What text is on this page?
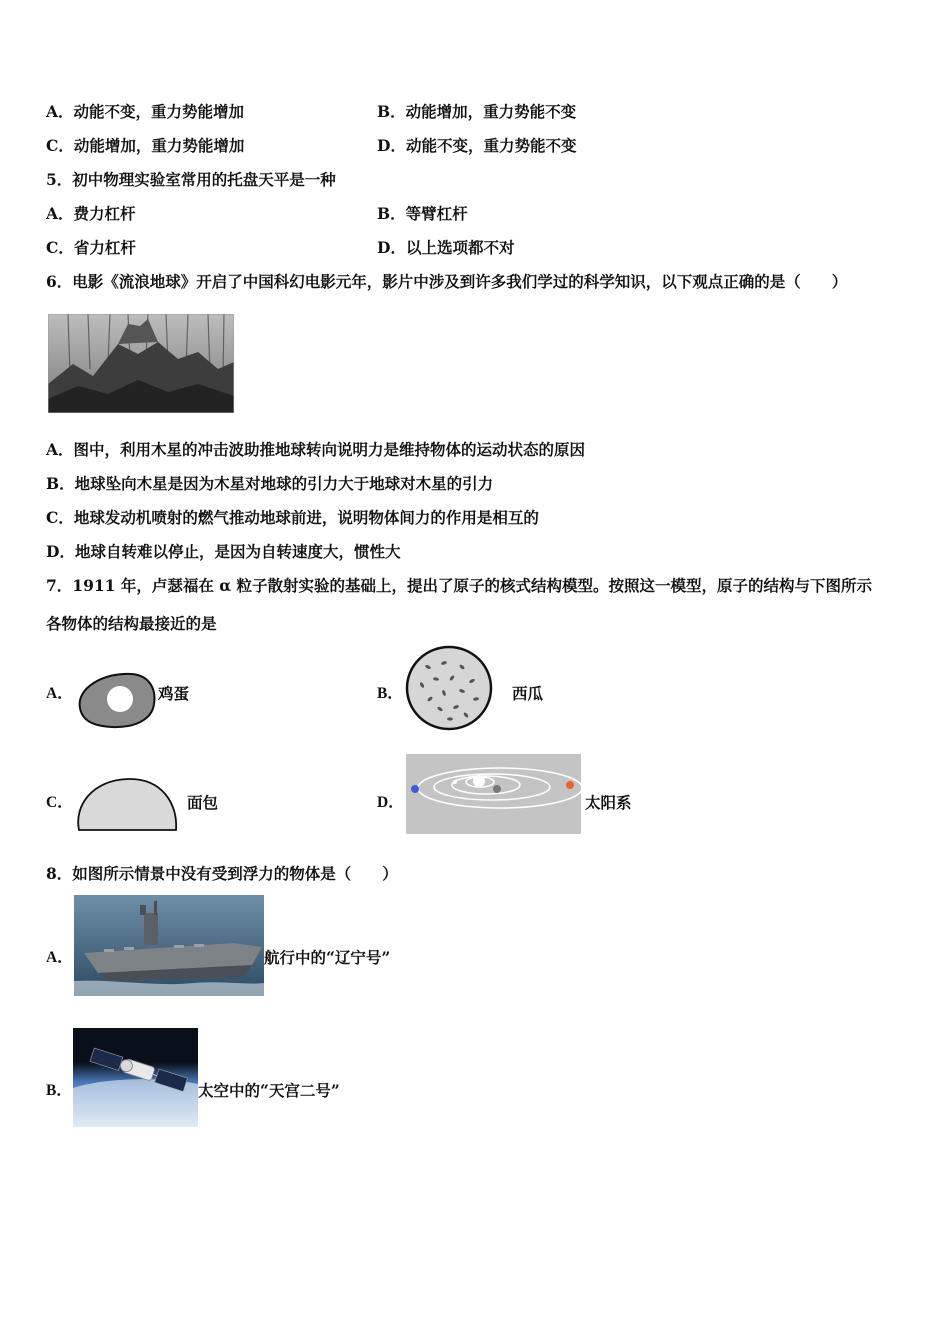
A．动能不变，重力势能增加	B．动能增加，重力势能不变
C．动能增加，重力势能增加	D．动能不变，重力势能不变
5．初中物理实验室常用的托盘天平是一种
A．费力杠杆	B．等臂杠杆
C．省力杠杆	D．以上选项都不对
6．电影《流浪地球》开启了中国科幻电影元年，影片中涉及到许多我们学过的科学知识，以下观点正确的是（　　）
A．图中，利用木星的冲击波助推地球转向说明力是维持物体的运动状态的原因
B．地球坠向木星是因为木星对地球的引力大于地球对木星的引力
C．地球发动机喷射的燃气推动地球前进，说明物体间力的作用是相互的
D．地球自转难以停止，是因为自转速度大，惯性大
7．1911 年，卢瑟福在 α 粒子散射实验的基础上，提出了原子的核式结构模型。按照这一模型，原子的结构与下图所示
各物体的结构最接近的是
A．	鸡蛋	B．	西瓜
C．	面包	D．	太阳系
8．如图所示情景中没有受到浮力的物体是（　　）
A．	航行中的“辽宁号”
B．	太空中的“天宫二号”
